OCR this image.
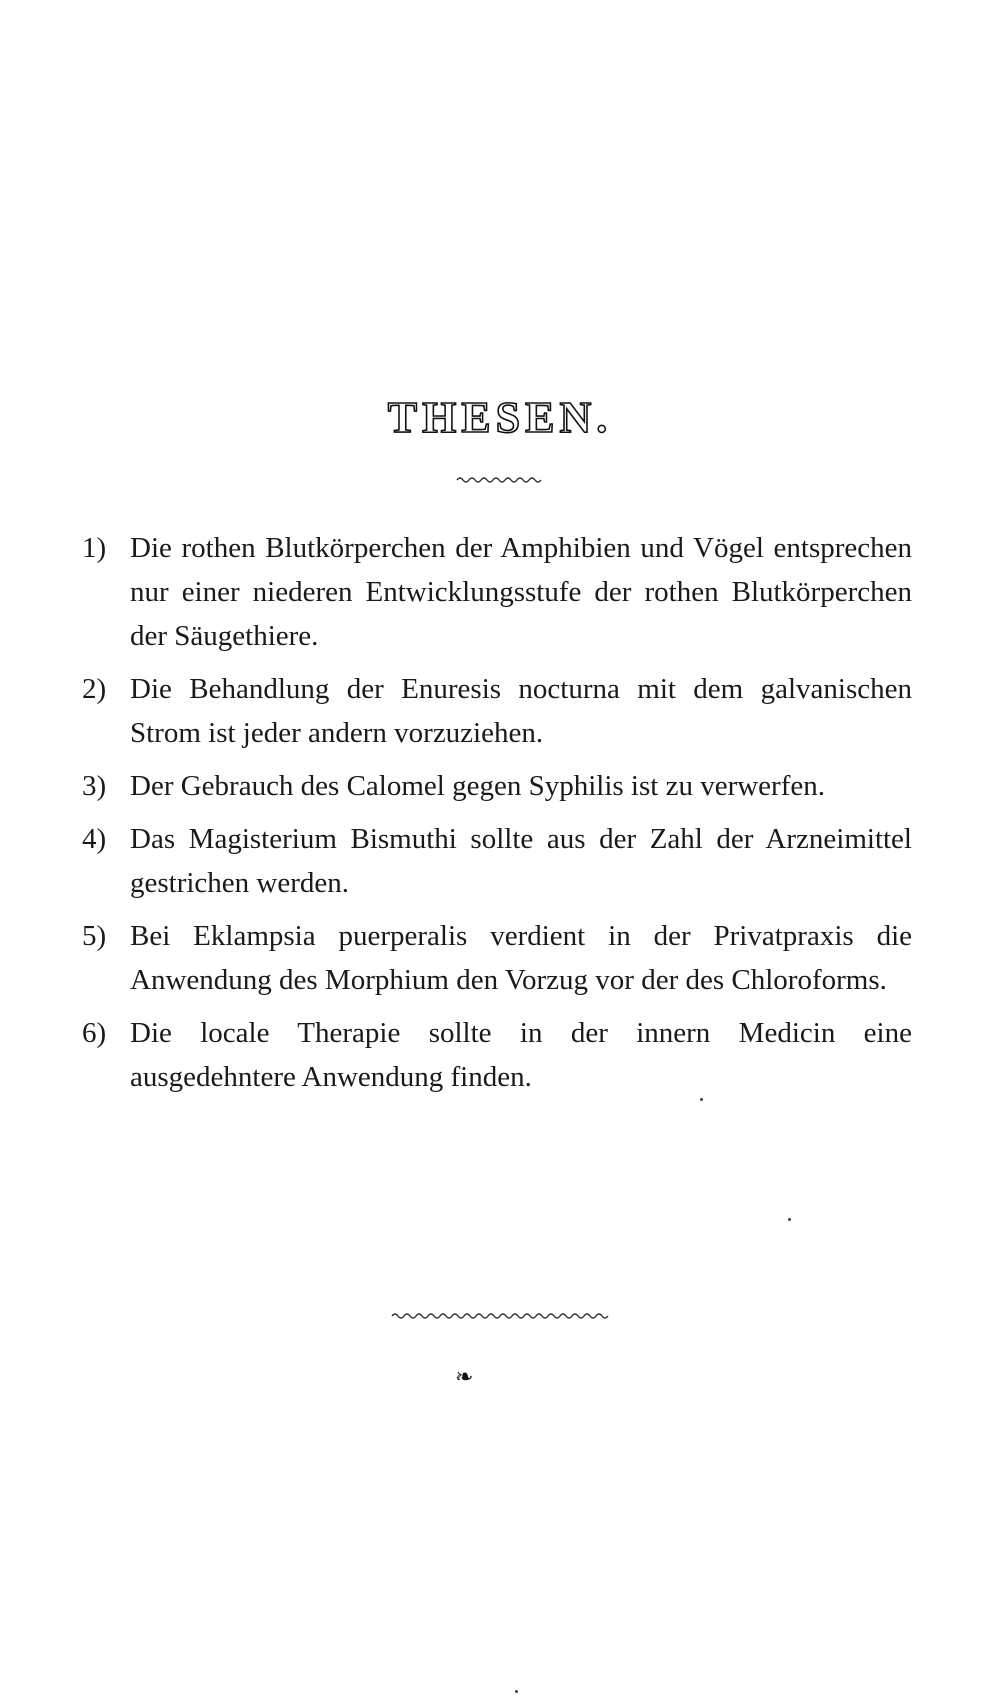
THESEN.
1) Die rothen Blutkörperchen der Amphibien und Vögel entsprechen nur einer niederen Entwicklungsstufe der rothen Blutkörperchen der Säugethiere.
2) Die Behandlung der Enuresis nocturna mit dem galvanischen Strom ist jeder andern vorzuziehen.
3) Der Gebrauch des Calomel gegen Syphilis ist zu verwerfen.
4) Das Magisterium Bismuthi sollte aus der Zahl der Arzneimittel gestrichen werden.
5) Bei Eklampsia puerperalis verdient in der Privatpraxis die Anwendung des Morphium den Vorzug vor der des Chloroforms.
6) Die locale Therapie sollte in der innern Medicin eine ausgedehntere Anwendung finden.
❧
